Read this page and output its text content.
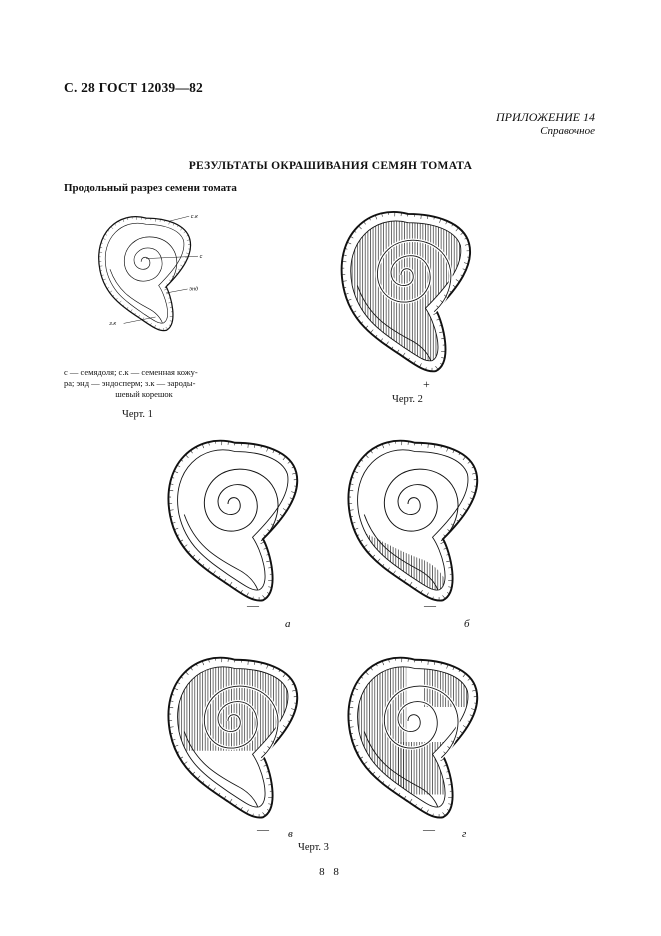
С. 28 ГОСТ 12039—82
ПРИЛОЖЕНИЕ 14
Справочное
РЕЗУЛЬТАТЫ ОКРАШИВАНИЯ СЕМЯН ТОМАТА
Продольный разрез семени томата
с.к
с
энд
з.к
с — семядоля; с.к — семенная кожу-
ра; энд — эндосперм; з.к — зароды-
шевый корешок
Черт. 1
+
Черт. 2
—
а
—
б
— в	— г
Черт. 3
8 8
